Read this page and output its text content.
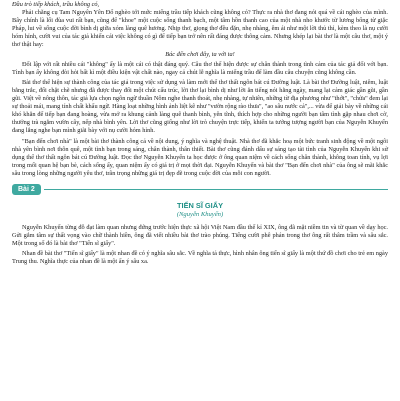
Đầu trò tiếp khách, trầu không có,

Phải chăng cụ Tam Nguyên Yên Đổ nghèo tới mức miếng trầu tiếp khách cũng không có? Thực ra nhà thơ đang nói quá về cái nghèo của mình. Bây chính là lối đùa vui rất bạn, cũng để "khoe" một cuộc sống thanh bạch, một tâm hồn thanh cao của một nhà nho khước từ lương bổng từ giặc Pháp, lui về sống cuộc đời bình dị giữa xóm làng quê hương. Nhịp thơ, giọng thơ đều đặn, nhẹ nhàng, êm ái như một lời thủ thỉ, kèm theo là nụ cười hóm hỉnh, cười vui của tác giả khiến cái việc không có gì để tiếp bạn trở nên rất đáng được thông cảm. Nhưng khép lại bài thơ là một câu thơ, một ý thơ thật hay:

Bác đến chơi đây, ta với ta!

Đối lập với rất nhiều cái "không" ấy là một cái có thật đáng quý. Câu thơ thể hiện được sự chân thành trong tình cảm của tác giả đối với bạn. Tình bạn ấy không đòi hỏi bất kì một điều kiện vật chất nào, ngay cả chút lễ nghĩa là miếng trầu để làm đầu câu chuyện cũng không cần.

Bài thơ thể hiện sự thành công của tác giả trong việc sử dụng và làm mới thể thơ thất ngôn bát cú Đường luật. Là bài thơ Đường luật, niêm, luật bằng trắc, đối chặt chẽ nhưng đã được thay đổi một chút cấu trúc, lời thơ lại bình dị như lời ăn tiếng nói hằng ngày, mang lại cảm giác gần gũi, gần gũi. Việt về nông thôn, tác giả lựa chọn ngôn ngữ thuần Nôm nghe thanh thoát, nhẹ nhàng, tự nhiên, những từ địa phương như "thớt", "chửa" đem lại sự thoải mái, mang tính chất khẩu ngữ. Hàng loạt những hình ảnh liệt kê như "vườn rộng rào thưa", "ao sâu nước cả",... vừa để giải bày về những cái khó khăn để tiếp bạn đang hoàng, vừa mở ra khung cảnh làng quê thanh bình, yên tĩnh, thích hợp cho những người bạn tâm tình gặp nhau chơi cờ, thưởng trà ngắm vườn cây, nếp nhà bình yên. Lời thơ cũng giống như lời trò chuyện trực tiếp, khiến ta tưởng tượng người bạn của Nguyễn Khuyến đang lắng nghe bạn mình giãi bày với nụ cười hóm hỉnh.

"Bạn đến chơi nhà" là một bài thơ thành công cả về nội dung, ý nghĩa và nghệ thuật. Nhà thơ đã khắc hoạ một bức tranh sinh động về một ngôi nhà yên bình nơi thôn quê, một tình bạn trong sáng, chân thành, thân thiết. Bài thơ cũng đánh dấu sự sáng tạo tài tình của Nguyễn Khuyến khi sử dụng thể thơ thất ngôn bát cú Đường luật. Đọc thơ Nguyễn Khuyến ta học được ở ông quan niệm về cách sống chân thành, không toan tính, vụ lợi trong mối quan hệ bạn bè, cách sống ấy, quan niệm ấy có giá trị ở mọi thời đại. Nguyễn Khuyến và bài thơ "Bạn đến chơi nhà" của ông sẽ mãi khắc sâu trong lòng những người yêu thơ, trân trọng những giá trị đẹp đẽ trong cuộc đời của mỗi con người.

Bài 2
TIẾN SĨ GIẤY
(Nguyễn Khuyến)

Nguyễn Khuyến từng đỗ đạt làm quan nhưng đứng trước hiện thực xã hội Việt Nam đầu thế kỉ XIX, ông đã mặt niềm tin và từ quan về dạy học. Gửi gắm tâm sự thất vọng vào chữ thành hiền, ông đã viết nhiều bài thơ trào phúng. Tiếng cười phê phán trong thơ ông rất thâm trầm và sâu sắc. Một trong số đó là bài thơ "Tiến sĩ giấy".

Nhan đề bài thơ "Tiến sĩ giấy" là một nhan đề có ý nghĩa sâu sắc. Về nghĩa tả thực, hình nhân ông tiến sĩ giấy là một thứ đồ chơi cho trẻ em ngày Trung thu. Nghĩa thực của nhan đề là một ẩn ý sâu xa.
